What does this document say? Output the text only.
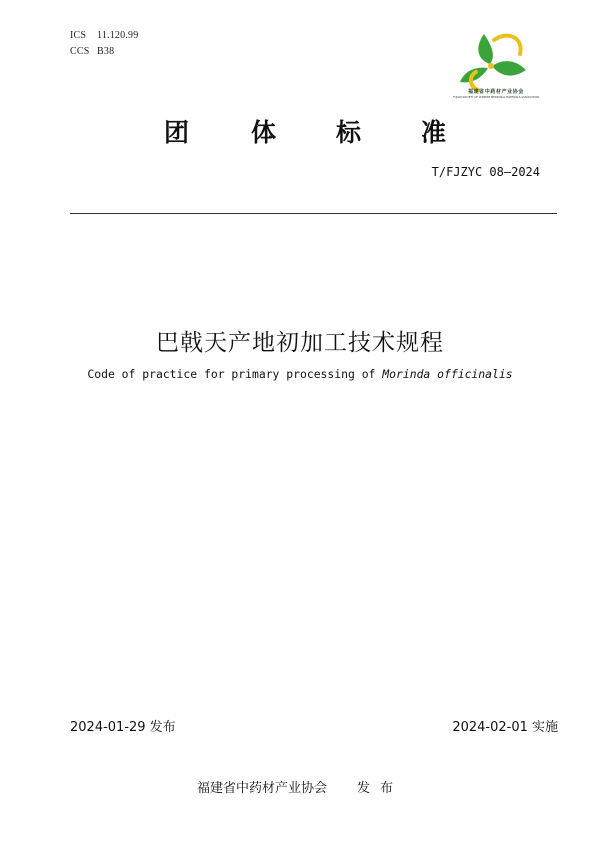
ICS 11.120.99
CCS B38
福建省中药材产业协会
FUJIAN SOCIETY OF CHINESE MEDICINAL MATERIALS ASSOCIATION
团 体 标 准
T/FJZYC 08—2024
巴戟天产地初加工技术规程
Code of practice for primary processing of Morinda officinalis
2024-01-29 发布	2024-02-01 实施
福建省中药材产业协会 发布
